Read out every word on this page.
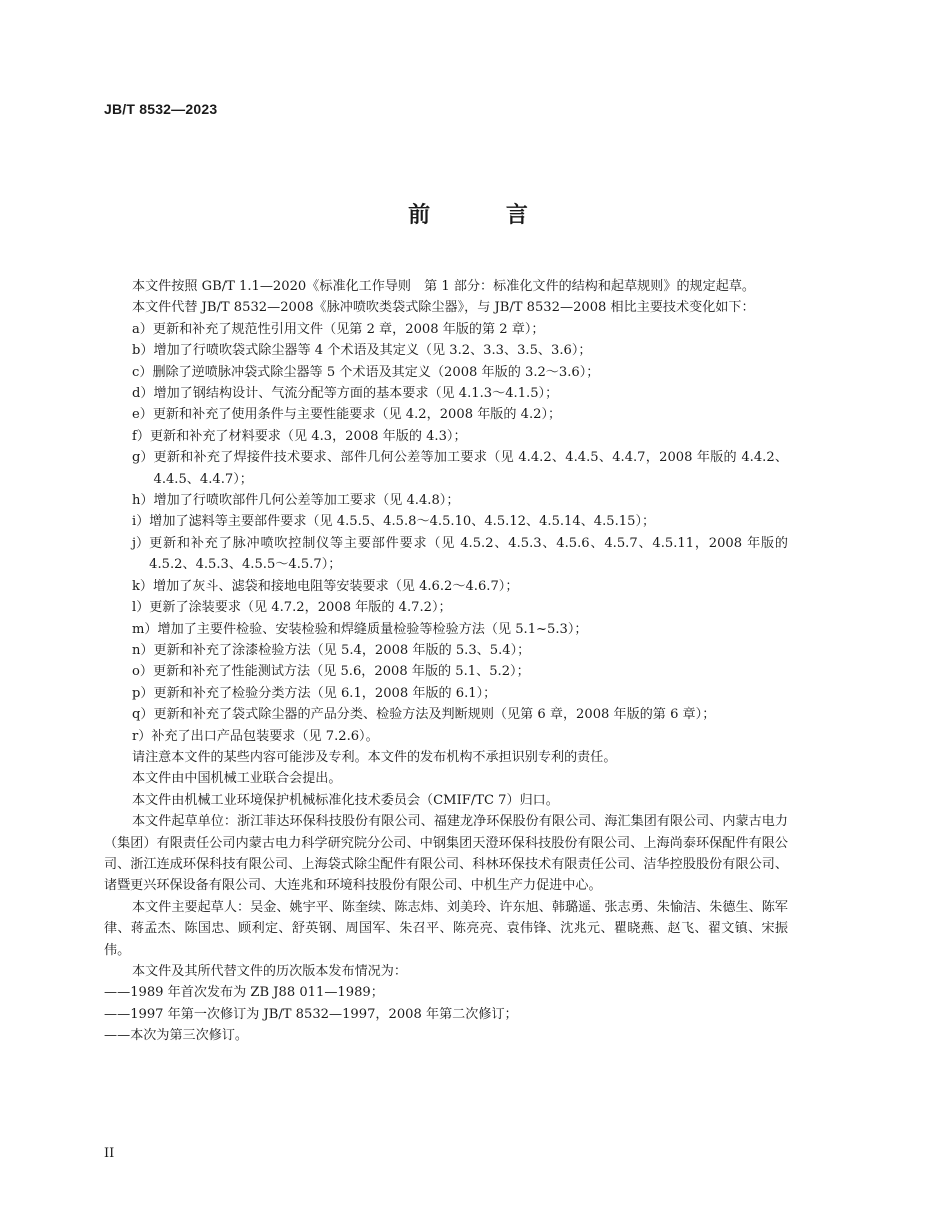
JB/T 8532—2023
前 言

本文件按照 GB/T 1.1—2020《标准化工作导则　第 1 部分：标准化文件的结构和起草规则》的规定起草。

本文件代替 JB/T 8532—2008《脉冲喷吹类袋式除尘器》，与 JB/T 8532—2008 相比主要技术变化如下：

a） 更新和补充了规范性引用文件（见第 2 章，2008 年版的第 2 章）；
b） 增加了行喷吹袋式除尘器等 4 个术语及其定义（见 3.2、3.3、3.5、3.6）；
c） 删除了逆喷脉冲袋式除尘器等 5 个术语及其定义（2008 年版的 3.2～3.6）；
d） 增加了钢结构设计、气流分配等方面的基本要求（见 4.1.3～4.1.5）；
e） 更新和补充了使用条件与主要性能要求（见 4.2，2008 年版的 4.2）；
f） 更新和补充了材料要求（见 4.3，2008 年版的 4.3）；
g） 更新和补充了焊接件技术要求、部件几何公差等加工要求（见 4.4.2、4.4.5、4.4.7，2008 年版的 4.4.2、4.4.5、4.4.7）；
h） 增加了行喷吹部件几何公差等加工要求（见 4.4.8）；
i） 增加了滤料等主要部件要求（见 4.5.5、4.5.8～4.5.10、4.5.12、4.5.14、4.5.15）；
j） 更新和补充了脉冲喷吹控制仪等主要部件要求（见 4.5.2、4.5.3、4.5.6、4.5.7、4.5.11，2008 年版的 4.5.2、4.5.3、4.5.5～4.5.7）；
k） 增加了灰斗、滤袋和接地电阻等安装要求（见 4.6.2～4.6.7）；
l） 更新了涂装要求（见 4.7.2，2008 年版的 4.7.2）；
m） 增加了主要件检验、安装检验和焊缝质量检验等检验方法（见 5.1~5.3）；
n） 更新和补充了涂漆检验方法（见 5.4，2008 年版的 5.3、5.4）；
o） 更新和补充了性能测试方法（见 5.6，2008 年版的 5.1、5.2）；
p） 更新和补充了检验分类方法（见 6.1，2008 年版的 6.1）；
q） 更新和补充了袋式除尘器的产品分类、检验方法及判断规则（见第 6 章，2008 年版的第 6 章）；
r） 补充了出口产品包装要求（见 7.2.6）。

请注意本文件的某些内容可能涉及专利。本文件的发布机构不承担识别专利的责任。

本文件由中国机械工业联合会提出。

本文件由机械工业环境保护机械标准化技术委员会（CMIF/TC 7）归口。

本文件起草单位：浙江菲达环保科技股份有限公司、福建龙净环保股份有限公司、海汇集团有限公司、内蒙古电力（集团）有限责任公司内蒙古电力科学研究院分公司、中钢集团天澄环保科技股份有限公司、上海尚泰环保配件有限公司、浙江连成环保科技有限公司、上海袋式除尘配件有限公司、科林环保技术有限责任公司、洁华控股股份有限公司、诸暨更兴环保设备有限公司、大连兆和环境科技股份有限公司、中机生产力促进中心。

本文件主要起草人：吴金、姚宇平、陈奎续、陈志炜、刘美玲、许东旭、韩璐遥、张志勇、朱愉洁、朱德生、陈军律、蒋孟杰、陈国忠、顾利定、舒英钢、周国军、朱召平、陈亮亮、袁伟锋、沈兆元、瞿晓燕、赵飞、翟文镇、宋振伟。

本文件及其所代替文件的历次版本发布情况为：

——1989 年首次发布为 ZB J88 011—1989；

——1997 年第一次修订为 JB/T 8532—1997，2008 年第二次修订；

——本次为第三次修订。

II
